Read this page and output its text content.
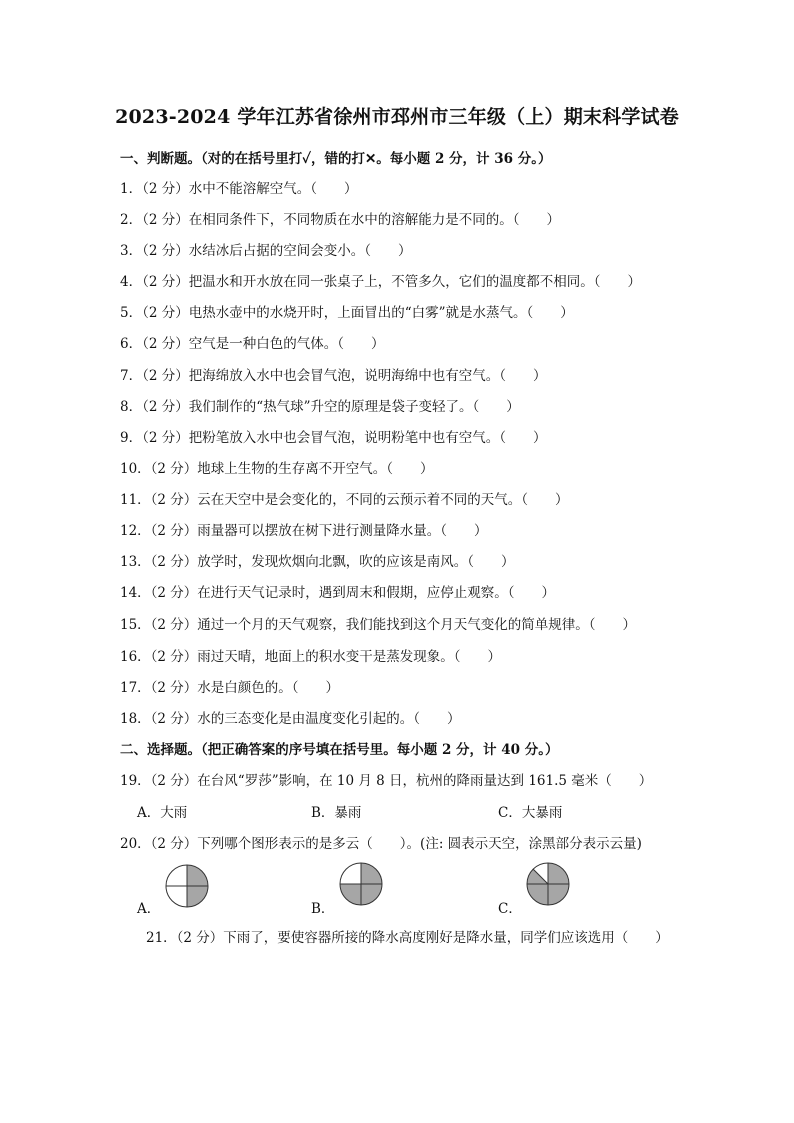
2023-2024 学年江苏省徐州市邳州市三年级（上）期末科学试卷
一、判断题。（对的在括号里打✓，错的打✕。每小题 2 分，计 36 分。）
1．（2 分）水中不能溶解空气。（　　）
2．（2 分）在相同条件下，不同物质在水中的溶解能力是不同的。（　　）
3．（2 分）水结冰后占据的空间会变小。（　　）
4．（2 分）把温水和开水放在同一张桌子上，不管多久，它们的温度都不相同。（　　）
5．（2 分）电热水壶中的水烧开时，上面冒出的“白雾”就是水蒸气。（　　）
6．（2 分）空气是一种白色的气体。（　　）
7．（2 分）把海绵放入水中也会冒气泡，说明海绵中也有空气。（　　）
8．（2 分）我们制作的“热气球”升空的原理是袋子变轻了。（　　）
9．（2 分）把粉笔放入水中也会冒气泡，说明粉笔中也有空气。（　　）
10．（2 分）地球上生物的生存离不开空气。（　　）
11．（2 分）云在天空中是会变化的，不同的云预示着不同的天气。（　　）
12．（2 分）雨量器可以摆放在树下进行测量降水量。（　　）
13．（2 分）放学时，发现炊烟向北飘，吹的应该是南风。（　　）
14．（2 分）在进行天气记录时，遇到周末和假期，应停止观察。（　　）
15．（2 分）通过一个月的天气观察，我们能找到这个月天气变化的简单规律。（　　）
16．（2 分）雨过天晴，地面上的积水变干是蒸发现象。（　　）
17．（2 分）水是白颜色的。（　　）
18．（2 分）水的三态变化是由温度变化引起的。（　　）
二、选择题。（把正确答案的序号填在括号里。每小题 2 分，计 40 分。）
19．（2 分）在台风“罗莎”影响，在 10 月 8 日，杭州的降雨量达到 161.5 毫米（　　）
A．大雨	B．暴雨	C．大暴雨
20．（2 分）下列哪个图形表示的是多云（　　）。(注: 圆表示天空，涂黑部分表示云量)
A．	B．	C．
21．（2 分）下雨了，要使容器所接的降水高度刚好是降水量，同学们应该选用（　　）
